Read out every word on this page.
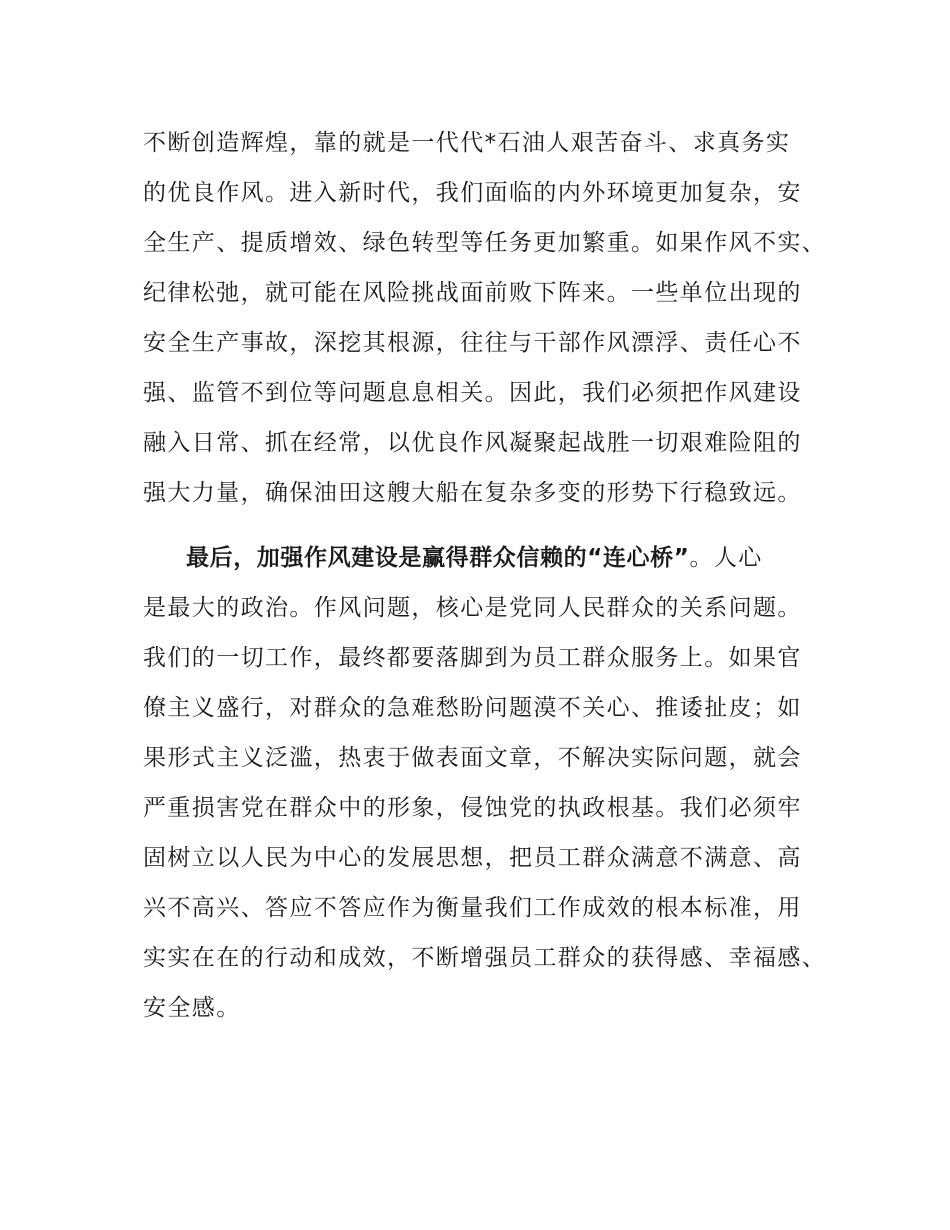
不断创造辉煌，靠的就是一代代*石油人艰苦奋斗、求真务实
的优良作风。进入新时代，我们面临的内外环境更加复杂，安
全生产、提质增效、绿色转型等任务更加繁重。如果作风不实、
纪律松弛，就可能在风险挑战面前败下阵来。一些单位出现的
安全生产事故，深挖其根源，往往与干部作风漂浮、责任心不
强、监管不到位等问题息息相关。因此，我们必须把作风建设
融入日常、抓在经常，以优良作风凝聚起战胜一切艰难险阻的
强大力量，确保油田这艘大船在复杂多变的形势下行稳致远。
最后，加强作风建设是赢得群众信赖的“连心桥”。人心
是最大的政治。作风问题，核心是党同人民群众的关系问题。
我们的一切工作，最终都要落脚到为员工群众服务上。如果官
僚主义盛行，对群众的急难愁盼问题漠不关心、推诿扯皮；如
果形式主义泛滥，热衷于做表面文章，不解决实际问题，就会
严重损害党在群众中的形象，侵蚀党的执政根基。我们必须牢
固树立以人民为中心的发展思想，把员工群众满意不满意、高
兴不高兴、答应不答应作为衡量我们工作成效的根本标准，用
实实在在的行动和成效，不断增强员工群众的获得感、幸福感、
安全感。
